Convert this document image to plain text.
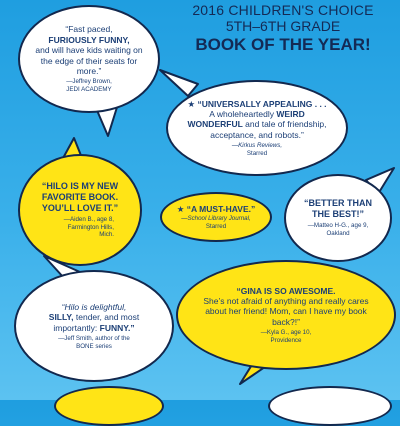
2016 CHILDREN'S CHOICE
5TH–6TH GRADE
BOOK OF THE YEAR!
“Fast paced,
FURIOUSLY FUNNY,
and will have kids waiting on the edge of their seats for more.”
—Jeffrey Brown,
JEDI ACADEMY
★ “UNIVERSALLY APPEALING . . .
A wholeheartedly WEIRD
WONDERFUL and tale of friendship, acceptance, and robots.”
—Kirkus Reviews,
Starred
“HILO IS MY NEW FAVORITE BOOK. YOU’LL LOVE IT.”
—Aiden B., age 8,
Farmington Hills,
Mich.
★ “A MUST-HAVE.”
—School Library Journal,
Starred
“BETTER THAN THE BEST!”
—Matteo H-G., age 9,
Oakland
“Hilo is delightful,
SILLY, tender, and most importantly: FUNNY.”
—Jeff Smith, author of the
BONE series
“GINA IS SO AWESOME.
She’s not afraid of anything and really cares about her friend! Mom, can I have my book back?!”
—Kyla G., age 10,
Providence
